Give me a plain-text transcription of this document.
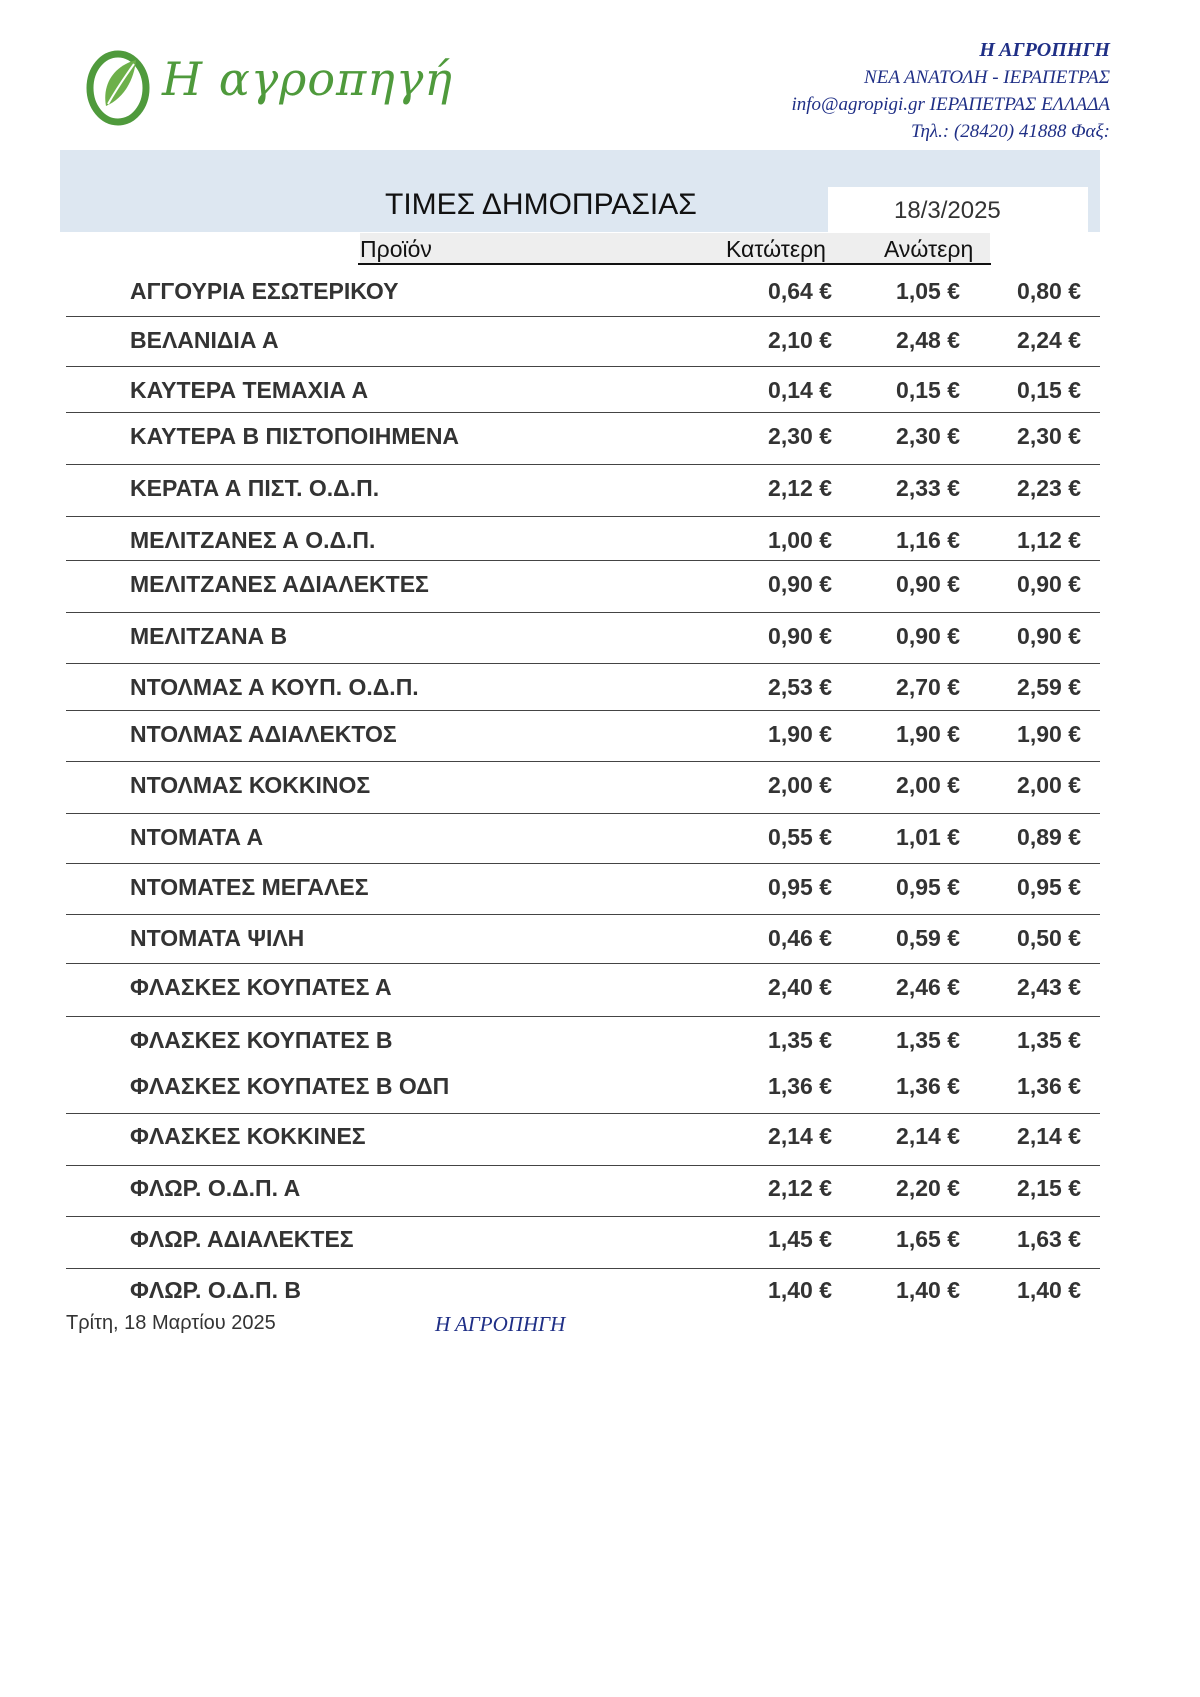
Η αγροπηγή
Η ΑΓΡΟΠΗΓΗ
ΝΕΑ ΑΝΑΤΟΛΗ - ΙΕΡΑΠΕΤΡΑΣ
info@agropigi.gr ΙΕΡΑΠΕΤΡΑΣ ΕΛΛΑΔΑ
Τηλ.: (28420) 41888 Φαξ:
ΤΙΜΕΣ ΔΗΜΟΠΡΑΣΙΑΣ	18/3/2025
Προϊόν	Κατώτερη	Ανώτερη
ΑΓΓΟΥΡΙΑ ΕΣΩΤΕΡΙΚΟΥ	0,64 €	1,05 €	0,80 €
ΒΕΛΑΝΙΔΙΑ Α	2,10 €	2,48 €	2,24 €
ΚΑΥΤΕΡΑ ΤΕΜΑΧΙΑ Α	0,14 €	0,15 €	0,15 €
ΚΑΥΤΕΡΑ Β ΠΙΣΤΟΠΟΙΗΜΕΝΑ	2,30 €	2,30 €	2,30 €
ΚΕΡΑΤΑ Α ΠΙΣΤ. Ο.Δ.Π.	2,12 €	2,33 €	2,23 €
ΜΕΛΙΤΖΑΝΕΣ Α Ο.Δ.Π.	1,00 €	1,16 €	1,12 €
ΜΕΛΙΤΖΑΝΕΣ ΑΔΙΑΛΕΚΤΕΣ	0,90 €	0,90 €	0,90 €
ΜΕΛΙΤΖΑΝΑ Β	0,90 €	0,90 €	0,90 €
ΝΤΟΛΜΑΣ Α ΚΟΥΠ. Ο.Δ.Π.	2,53 €	2,70 €	2,59 €
ΝΤΟΛΜΑΣ ΑΔΙΑΛΕΚΤΟΣ	1,90 €	1,90 €	1,90 €
ΝΤΟΛΜΑΣ ΚΟΚΚΙΝΟΣ	2,00 €	2,00 €	2,00 €
ΝΤΟΜΑΤΑ Α	0,55 €	1,01 €	0,89 €
ΝΤΟΜΑΤΕΣ ΜΕΓΑΛΕΣ	0,95 €	0,95 €	0,95 €
ΝΤΟΜΑΤΑ ΨΙΛΗ	0,46 €	0,59 €	0,50 €
ΦΛΑΣΚΕΣ ΚΟΥΠΑΤΕΣ Α	2,40 €	2,46 €	2,43 €
ΦΛΑΣΚΕΣ ΚΟΥΠΑΤΕΣ Β	1,35 €	1,35 €	1,35 €
ΦΛΑΣΚΕΣ ΚΟΥΠΑΤΕΣ Β ΟΔΠ	1,36 €	1,36 €	1,36 €
ΦΛΑΣΚΕΣ ΚΟΚΚΙΝΕΣ	2,14 €	2,14 €	2,14 €
ΦΛΩΡ. Ο.Δ.Π. Α	2,12 €	2,20 €	2,15 €
ΦΛΩΡ. ΑΔΙΑΛΕΚΤΕΣ	1,45 €	1,65 €	1,63 €
ΦΛΩΡ. Ο.Δ.Π. Β	1,40 €	1,40 €	1,40 €
Τρίτη, 18 Μαρτίου 2025	Η ΑΓΡΟΠΗΓΗ
